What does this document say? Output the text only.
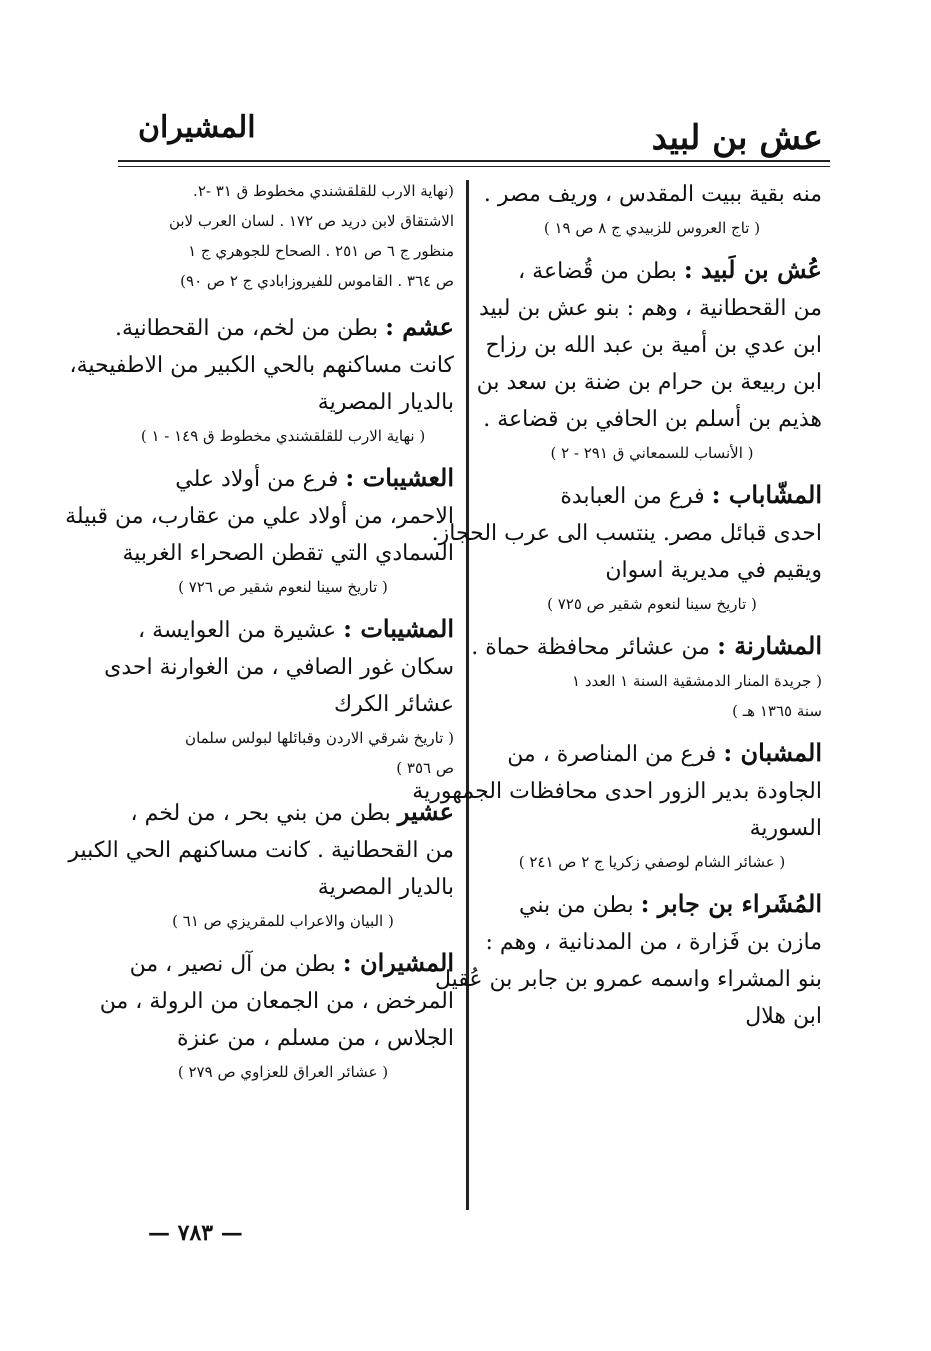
عش بن لبيد
المشيران
منه بقية ببيت المقدس ، وريف مصر .
( تاج العروس للزبيدي ج ٨ ص ١٩ )
عُش بن لَبيد : بطن من قُضاعة ،
من القحطانية ، وهم : بنو عش بن لبيد
ابن عدي بن أمية بن عبد الله بن رزاح
ابن ربيعة بن حرام بن ضنة بن سعد بن
هذيم بن أسلم بن الحافي بن قضاعة .
( الأنساب للسمعاني ق ٢٩١ - ٢ )
المشّاباب : فرع من العبابدة
احدى قبائل مصر. ينتسب الى عرب الحجاز.
ويقيم في مديرية اسوان
( تاريخ سينا لنعوم شقير ص ٧٢٥ )
المشارنة : من عشائر محافظة حماة .
( جريدة المنار الدمشقية السنة ١ العدد ١
سنة ١٣٦٥ هـ )
المشبان : فرع من المناصرة ، من
الجاودة بدير الزور احدى محافظات الجمهورية
السورية
( عشائر الشام لوصفي زكريا ج ٢ ص ٢٤١ )
المُشَراء بن جابر : بطن من بني
مازن بن فَزارة ، من المدنانية ، وهم :
بنو المشراء واسمه عمرو بن جابر بن عُقيل
ابن هلال
(نهاية الارب للقلقشندي مخطوط ق ٣١ -٢.
الاشتقاق لابن دريد ص ١٧٢ . لسان العرب لابن
منظور ج ٦ ص ٢٥١ . الصحاح للجوهري ج ١
ص ٣٦٤ . القاموس للفيروزابادي ج ٢ ص ٩٠)
عشم : بطن من لخم، من القحطانية.
كانت مساكنهم بالحي الكبير من الاطفيحية،
بالديار المصرية
( نهاية الارب للقلقشندي مخطوط ق ١٤٩ - ١ )
العشيبات : فرع من أولاد علي
الاحمر، من أولاد علي من عقارب، من قبيلة
السمادي التي تقطن الصحراء الغربية
( تاريخ سينا لنعوم شقير ص ٧٢٦ )
المشيبات : عشيرة من العوايسة ،
سكان غور الصافي ، من الغوارنة احدى
عشائر الكرك
( تاريخ شرقي الاردن وقبائلها لبولس سلمان
ص ٣٥٦ )
عشير بطن من بني بحر ، من لخم ،
من القحطانية . كانت مساكنهم الحي الكبير
بالديار المصرية
( البيان والاعراب للمقريزي ص ٦١ )
المشيران : بطن من آل نصير ، من
المرخض ، من الجمعان من الرولة ، من
الجلاس ، من مسلم ، من عنزة
( عشائر العراق للعزاوي ص ٢٧٩ )
— ٧٨٣ —
